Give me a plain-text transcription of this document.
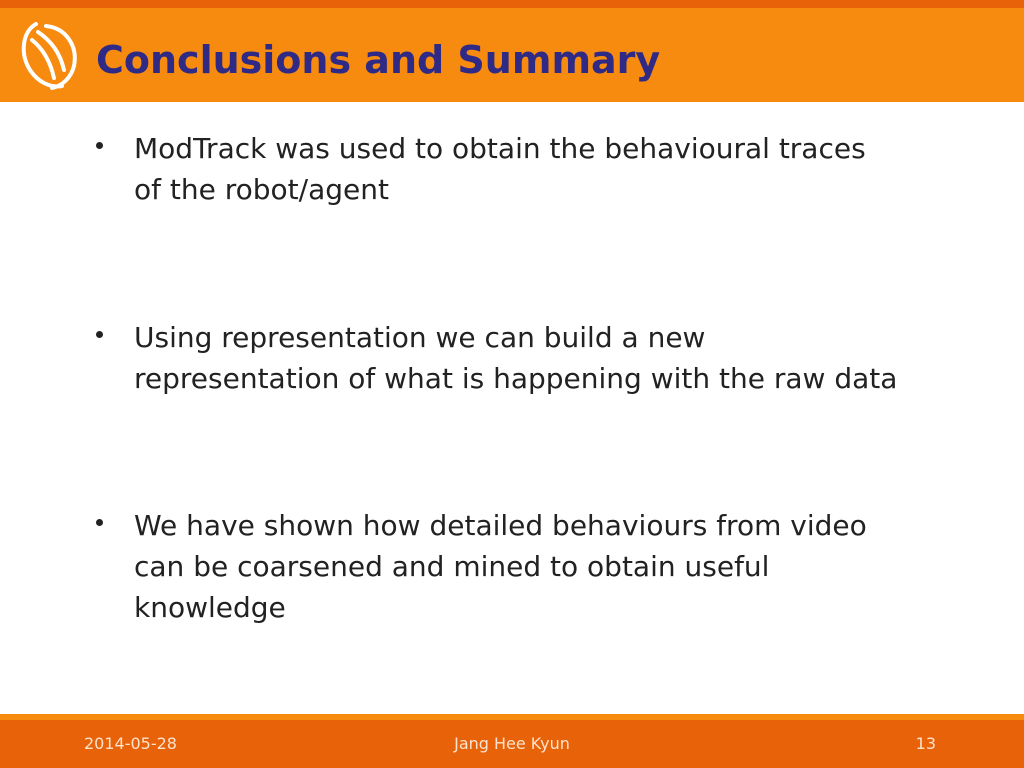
Conclusions and Summary
ModTrack was used to obtain the behavioural traces
of the robot/agent
Using representation we can build a new
representation of what is happening with the raw data
We have shown how detailed behaviours from video
can be coarsened and mined to obtain useful
knowledge
2014-05-28	Jang Hee Kyun	13
